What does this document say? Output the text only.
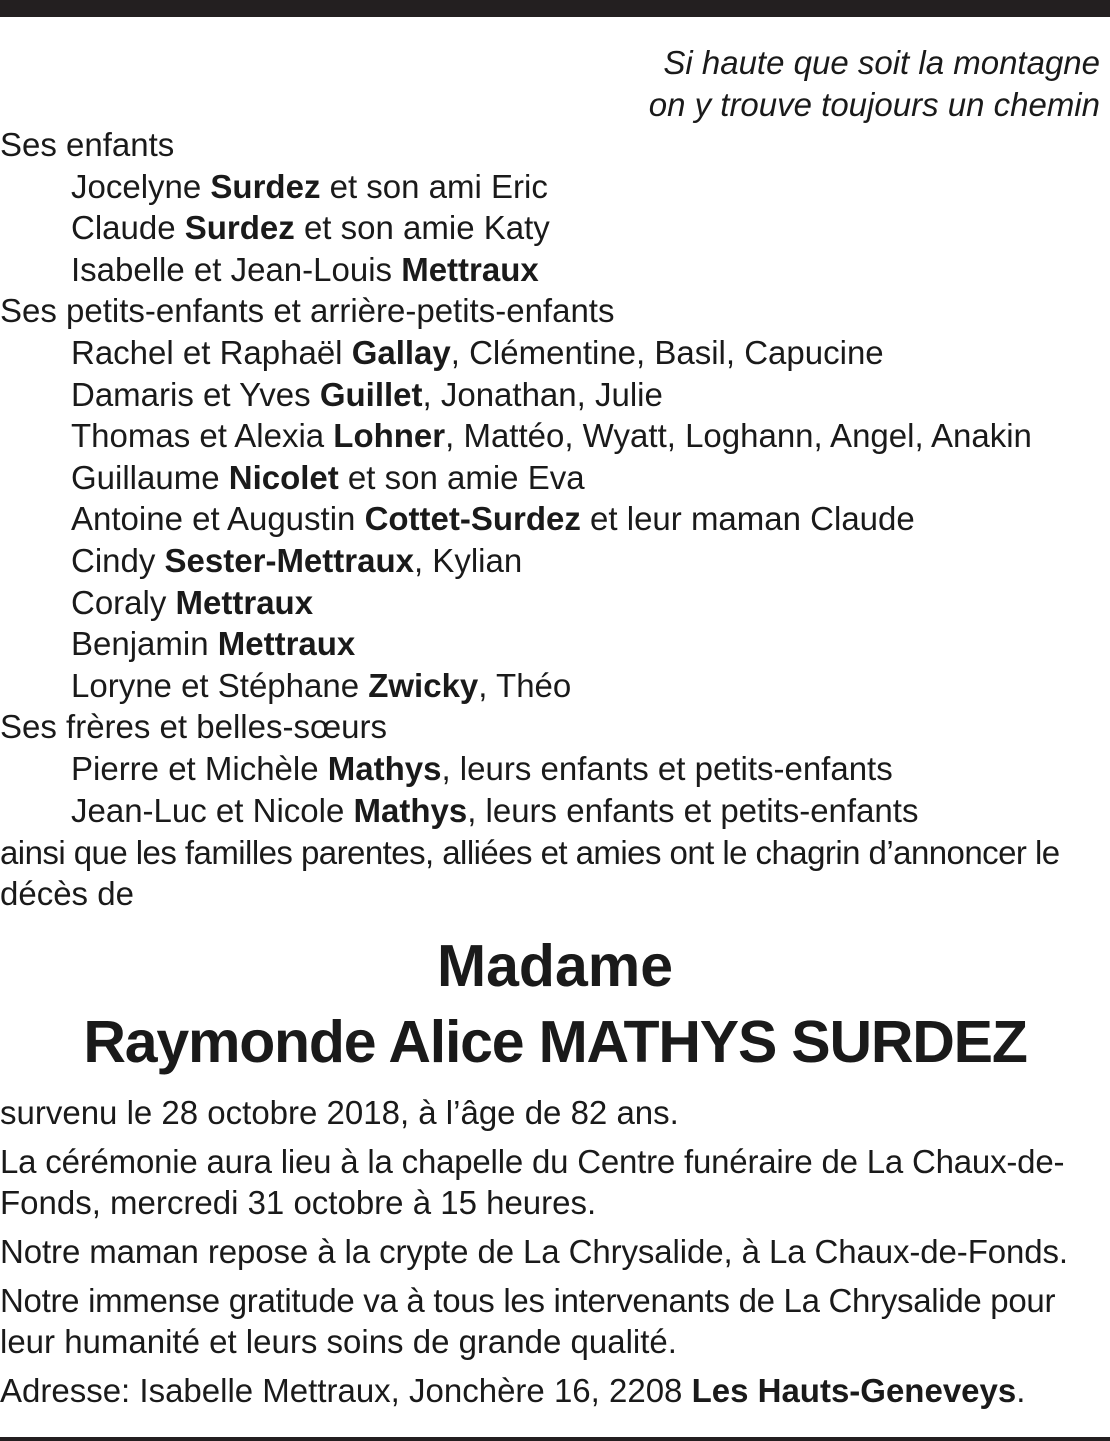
Si haute que soit la montagne
on y trouve toujours un chemin
Ses enfants
Jocelyne Surdez et son ami Eric
Claude Surdez et son amie Katy
Isabelle et Jean-Louis Mettraux
Ses petits-enfants et arrière-petits-enfants
Rachel et Raphaël Gallay, Clémentine, Basil, Capucine
Damaris et Yves Guillet, Jonathan, Julie
Thomas et Alexia Lohner, Mattéo, Wyatt, Loghann, Angel, Anakin
Guillaume Nicolet et son amie Eva
Antoine et Augustin Cottet-Surdez et leur maman Claude
Cindy Sester-Mettraux, Kylian
Coraly Mettraux
Benjamin Mettraux
Loryne et Stéphane Zwicky, Théo
Ses frères et belles-sœurs
Pierre et Michèle Mathys, leurs enfants et petits-enfants
Jean-Luc et Nicole Mathys, leurs enfants et petits-enfants
ainsi que les familles parentes, alliées et amies ont le chagrin d’annoncer le
décès de
Madame
Raymonde Alice MATHYS SURDEZ

survenu le 28 octobre 2018, à l’âge de 82 ans.

La cérémonie aura lieu à la chapelle du Centre funéraire de La Chaux-de-
Fonds, mercredi 31 octobre à 15 heures.

Notre maman repose à la crypte de La Chrysalide, à La Chaux-de-Fonds.

Notre immense gratitude va à tous les intervenants de La Chrysalide pour
leur humanité et leurs soins de grande qualité.

Adresse: Isabelle Mettraux, Jonchère 16, 2208 Les Hauts-Geneveys.
